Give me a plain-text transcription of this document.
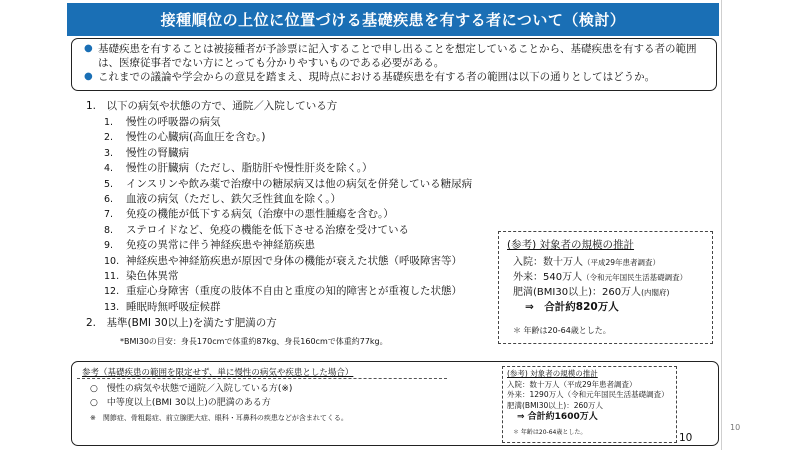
接種順位の上位に位置づける基礎疾患を有する者について（検討）
● 基礎疾患を有することは被接種者が予診票に記入することで申し出ることを想定していることから、基礎疾患を有する者の範囲は、医療従事者でない方にとっても分かりやすいものである必要がある。
● これまでの議論や学会からの意見を踏まえ、現時点における基礎疾患を有する者の範囲は以下の通りとしてはどうか。
1.　以下の病気や状態の方で、通院／入院している方
1.	慢性の呼吸器の病気
2.	慢性の心臓病(高血圧を含む。)
3.	慢性の腎臓病
4.	慢性の肝臓病（ただし、脂肪肝や慢性肝炎を除く。）
5.	インスリンや飲み薬で治療中の糖尿病又は他の病気を併発している糖尿病
6.	血液の病気（ただし、鉄欠乏性貧血を除く。）
7.	免疫の機能が低下する病気（治療中の悪性腫瘍を含む。）
8.	ステロイドなど、免疫の機能を低下させる治療を受けている
9.	免疫の異常に伴う神経疾患や神経筋疾患
10. 神経疾患や神経筋疾患が原因で身体の機能が衰えた状態（呼吸障害等）
11. 染色体異常
12. 重症心身障害（重度の肢体不自由と重度の知的障害とが重複した状態）
13. 睡眠時無呼吸症候群
2.　基準(BMI 30以上)を満たす肥満の方
*BMI30の目安：身長170cmで体重約87kg、身長160cmで体重約77kg。
(参考) 対象者の規模の推計
入院：数十万人（平成29年患者調査）
外来：540万人（令和元年国民生活基礎調査）
肥満(BMI30以上)：260万人(内閣府)
⇒　合計約820万人
＊ 年齢は20-64歳とした。
参考（基礎疾患の範囲を限定せず、単に慢性の病気や疾患とした場合）
○　慢性の病気や状態で通院／入院している方(※)
○　中等度以上(BMI 30以上)の肥満のある方
※　関節症、骨粗鬆症、前立腺肥大症、眼科・耳鼻科の疾患などが含まれてくる。
(参考) 対象者の規模の推計
入院：数十万人（平成29年患者調査）
外来：1290万人（令和元年国民生活基礎調査）
肥満(BMI30以上)：260万人
⇒ 合計約1600万人
＊ 年齢は20-64歳とした。	10
10
